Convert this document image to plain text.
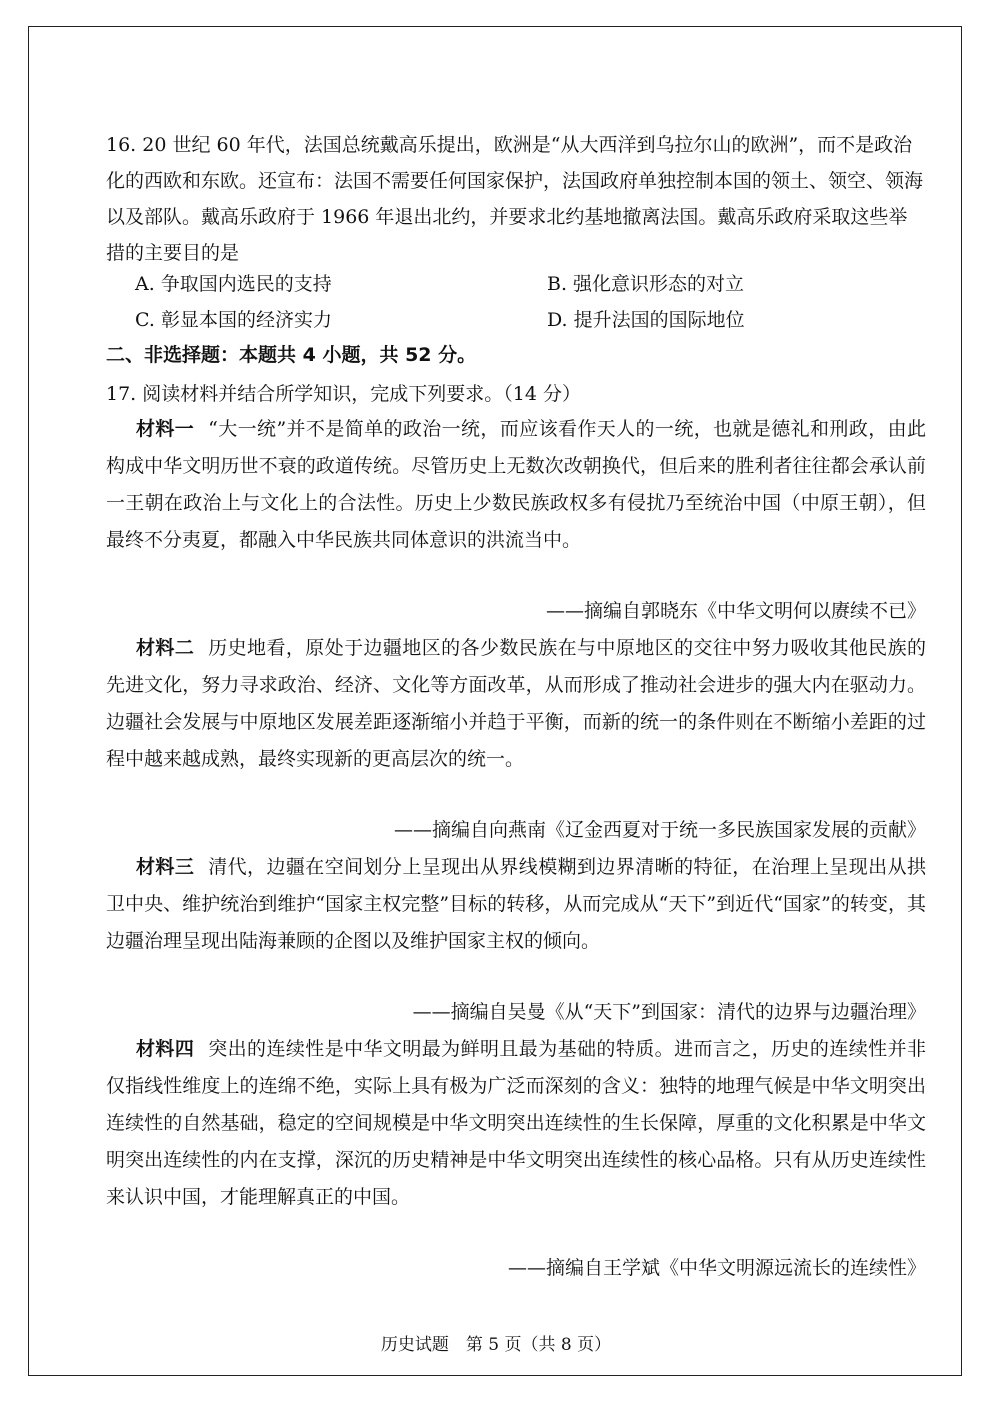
16. 20 世纪 60 年代，法国总统戴高乐提出，欧洲是“从大西洋到乌拉尔山的欧洲”，而不是政治化的西欧和东欧。还宣布：法国不需要任何国家保护，法国政府单独控制本国的领土、领空、领海以及部队。戴高乐政府于 1966 年退出北约，并要求北约基地撤离法国。戴高乐政府采取这些举措的主要目的是

A. 争取国内选民的支持	B. 强化意识形态的对立
C. 彰显本国的经济实力	D. 提升法国的国际地位
二、非选择题：本题共 4 小题，共 52 分。
17. 阅读材料并结合所学知识，完成下列要求。（14 分）
材料一 “大一统”并不是简单的政治一统，而应该看作天人的一统，也就是德礼和刑政，由此构成中华文明历世不衰的政道传统。尽管历史上无数次改朝换代，但后来的胜利者往往都会承认前一王朝在政治上与文化上的合法性。历史上少数民族政权多有侵扰乃至统治中国（中原王朝），但最终不分夷夏，都融入中华民族共同体意识的洪流当中。
——摘编自郭晓东《中华文明何以赓续不已》
材料二 历史地看，原处于边疆地区的各少数民族在与中原地区的交往中努力吸收其他民族的先进文化，努力寻求政治、经济、文化等方面改革，从而形成了推动社会进步的强大内在驱动力。边疆社会发展与中原地区发展差距逐渐缩小并趋于平衡，而新的统一的条件则在不断缩小差距的过程中越来越成熟，最终实现新的更高层次的统一。
——摘编自向燕南《辽金西夏对于统一多民族国家发展的贡献》
材料三 清代，边疆在空间划分上呈现出从界线模糊到边界清晰的特征，在治理上呈现出从拱卫中央、维护统治到维护“国家主权完整”目标的转移，从而完成从“天下”到近代“国家”的转变，其边疆治理呈现出陆海兼顾的企图以及维护国家主权的倾向。
——摘编自吴曼《从“天下”到国家：清代的边界与边疆治理》
材料四 突出的连续性是中华文明最为鲜明且最为基础的特质。进而言之，历史的连续性并非仅指线性维度上的连绵不绝，实际上具有极为广泛而深刻的含义：独特的地理气候是中华文明突出连续性的自然基础，稳定的空间规模是中华文明突出连续性的生长保障，厚重的文化积累是中华文明突出连续性的内在支撑，深沉的历史精神是中华文明突出连续性的核心品格。只有从历史连续性来认识中国，才能理解真正的中国。
——摘编自王学斌《中华文明源远流长的连续性》
历史试题　第 5 页（共 8 页）
